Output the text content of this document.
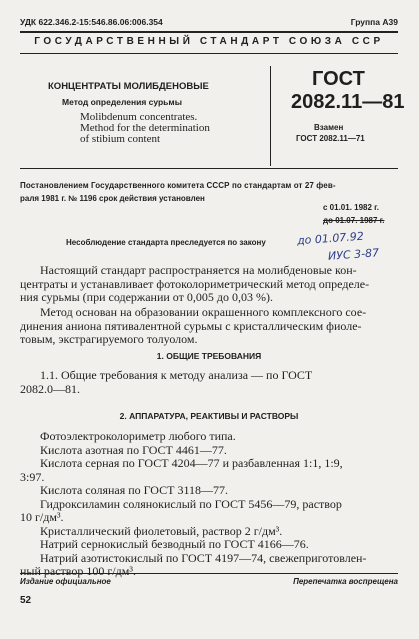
УДК 622.346.2-15:546.86.06:006.354	Группа А39
ГОСУДАРСТВЕННЫЙ СТАНДАРТ СОЮЗА ССР
КОНЦЕНТРАТЫ МОЛИБДЕНОВЫЕ
Метод определения сурьмы
Molibdenum concentrates.
Method for the determination
of stibium content
ГОСТ
2082.11—81
Взамен
ГОСТ 2082.11—71
Постановлением Государственного комитета СССР по стандартам от 27 фев-
раля 1981 г. № 1196 срок действия установлен
с 01.01. 1982 г.
до 01.07. 1987 г.
Несоблюдение стандарта преследуется по закону	до 01.07.92
ИУС 3-87
Настоящий стандарт распространяется на молибденовые кон-
центраты и устанавливает фотоколориметрический метод определе-
ния сурьмы (при содержании от 0,005 до 0,03 %).
Метод основан на образовании окрашенного комплексного сое-
динения аниона пятивалентной сурьмы с кристаллическим фиоле-
товым, экстрагируемого толуолом.
1. ОБЩИЕ ТРЕБОВАНИЯ
1.1. Общие требования к методу анализа — по ГОСТ
2082.0—81.
2. АППАРАТУРА, РЕАКТИВЫ И РАСТВОРЫ
Фотоэлектроколориметр любого типа.
Кислота азотная по ГОСТ 4461—77.
Кислота серная по ГОСТ 4204—77 и разбавленная 1:1, 1:9,
3:97.
Кислота соляная по ГОСТ 3118—77.
Гидроксиламин солянокислый по ГОСТ 5456—79, раствор
10 г/дм³.
Кристаллический фиолетовый, раствор 2 г/дм³.
Натрий сернокислый безводный по ГОСТ 4166—76.
Натрий азотистокислый по ГОСТ 4197—74, свежеприготовлен-
ный раствор 100 г/дм³.
Издание официальное	Перепечатка воспрещена
52
